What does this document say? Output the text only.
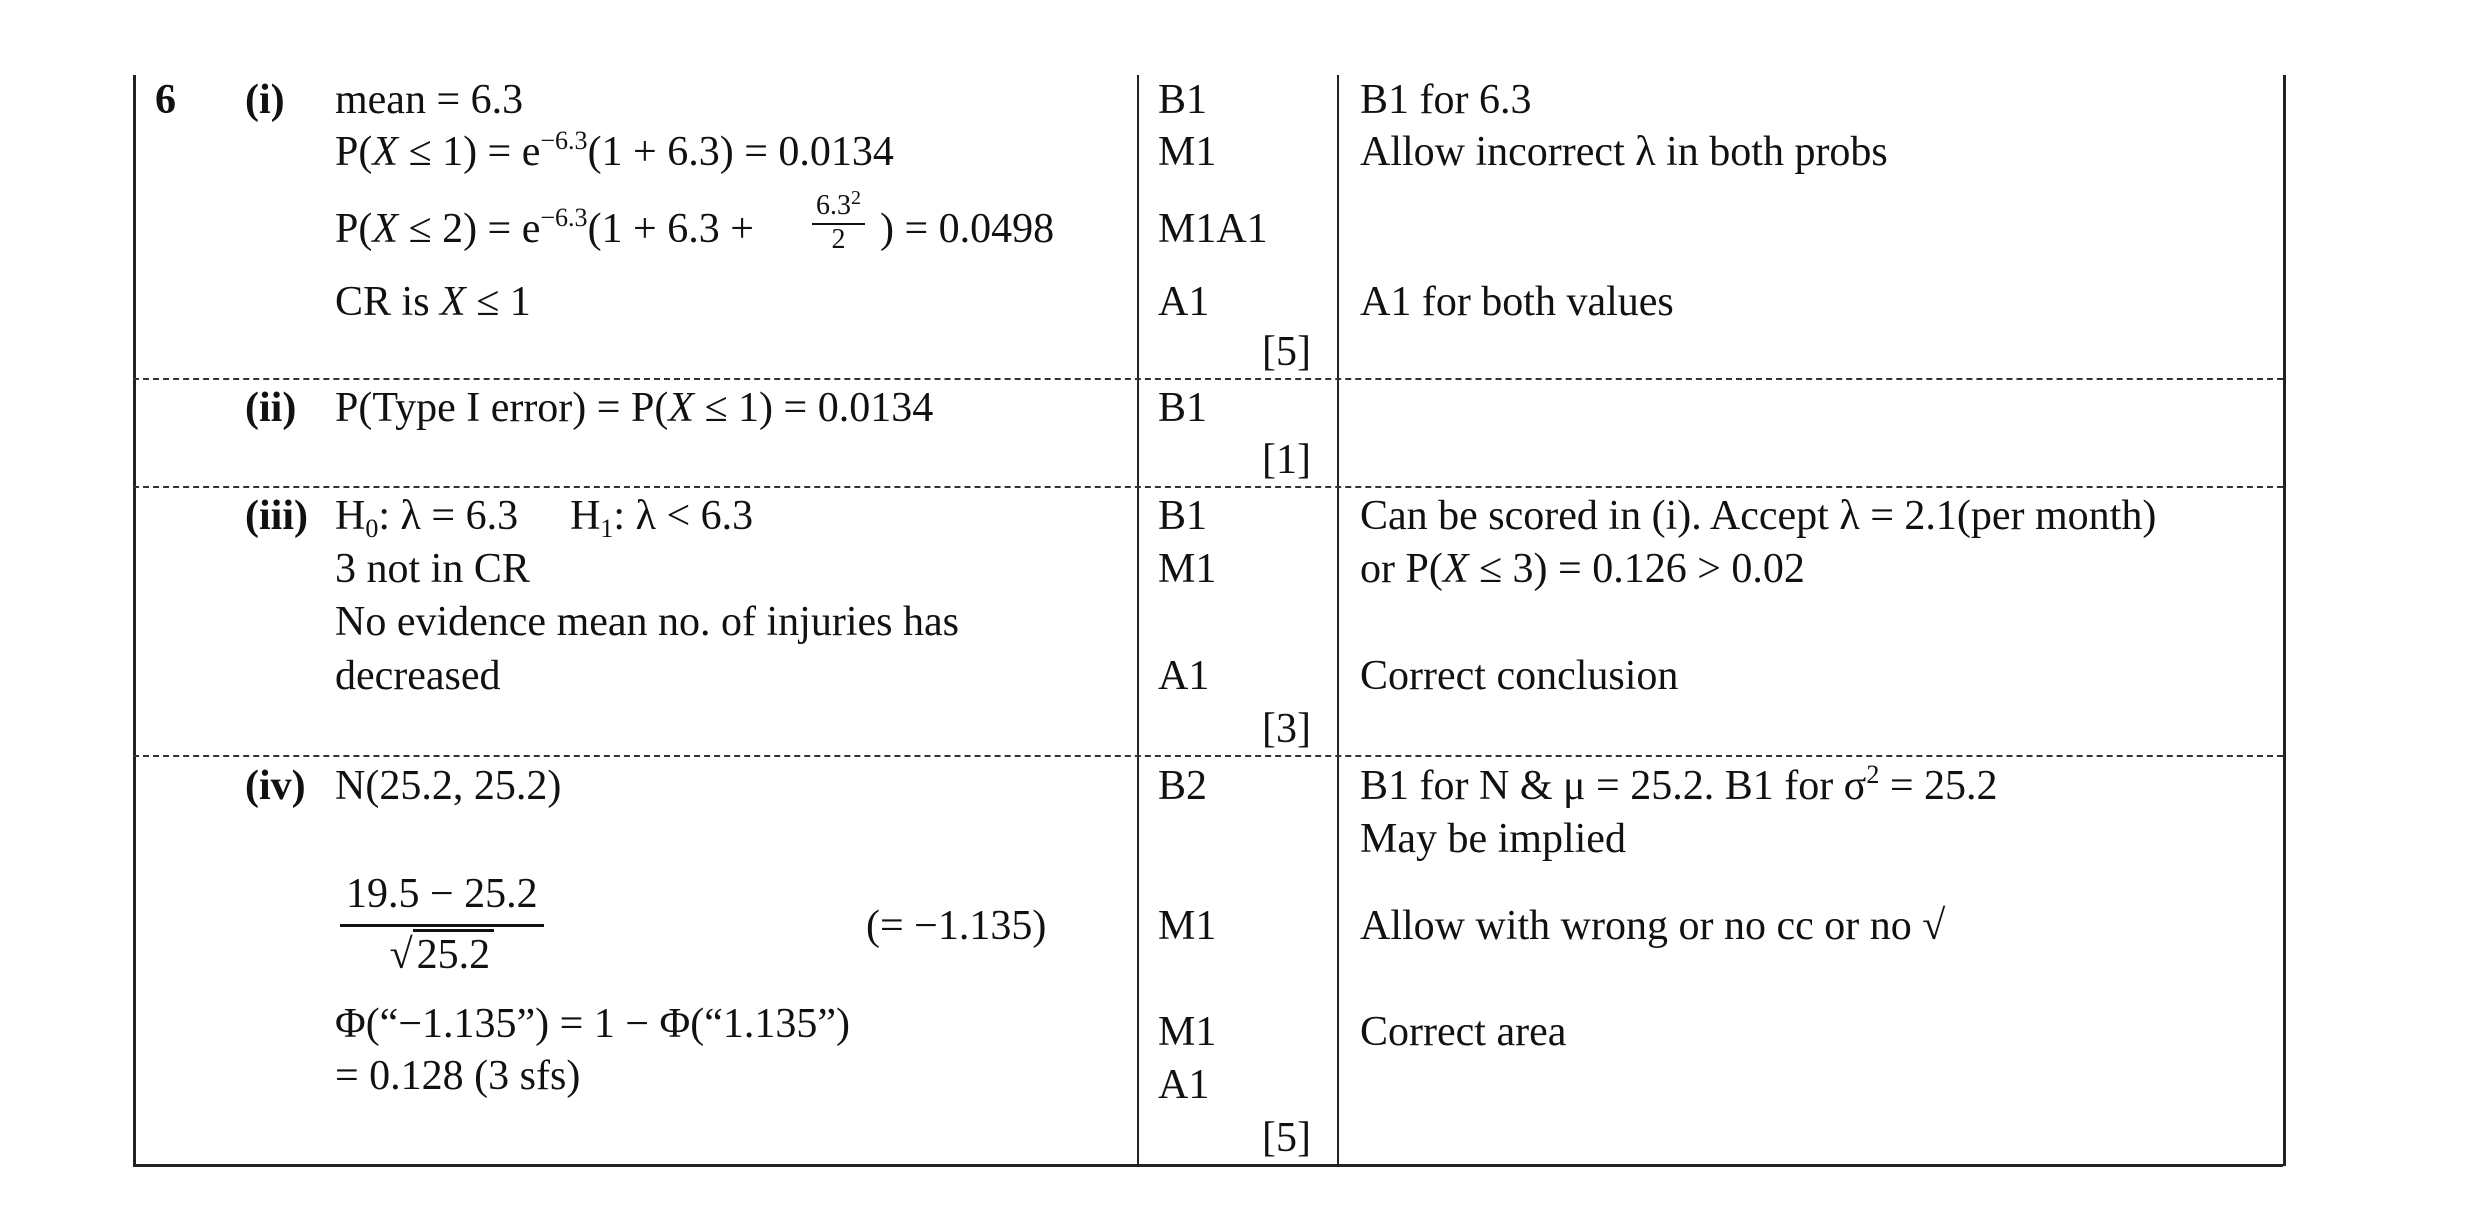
6 (i) mean = 6.3
$P(X \le 1) = e^{-6.3}(1 + 6.3) = 0.0134$
$P(X \le 2) = e^{-6.3}(1 + 6.3 + \frac{6.3^2}{2}$ ) = 0.0498
CR is X ≤ 1
B1
M1
M1A1
A1
[5]
B1 for 6.3
Allow incorrect λ in both probs
A1 for both values
(ii) P(Type I error) = P(X ≤ 1) = 0.0134	B1
[1]
(iii) $H_0$: λ = 6.3 $H_1$: λ < 6.3
3 not in CR
No evidence mean no. of injuries has
decreased
B1
M1
A1
[3]
Can be scored in (i). Accept λ = 2.1(per month)
or P(X ≤ 3) = 0.126 > 0.02
Correct conclusion
(iv) N(25.2, 25.2)
$\frac{19.5 - 25.2}{√25.2}$	(= −1.135)
Φ(“−1.135”) = 1 − Φ(“1.135”)
= 0.128 (3 sfs)
B2
M1
M1
A1
[5]
B1 for N & μ = 25.2. B1 for $\sigma^2 = 25.2$
May be implied
Allow with wrong or no cc or no √
Correct area
